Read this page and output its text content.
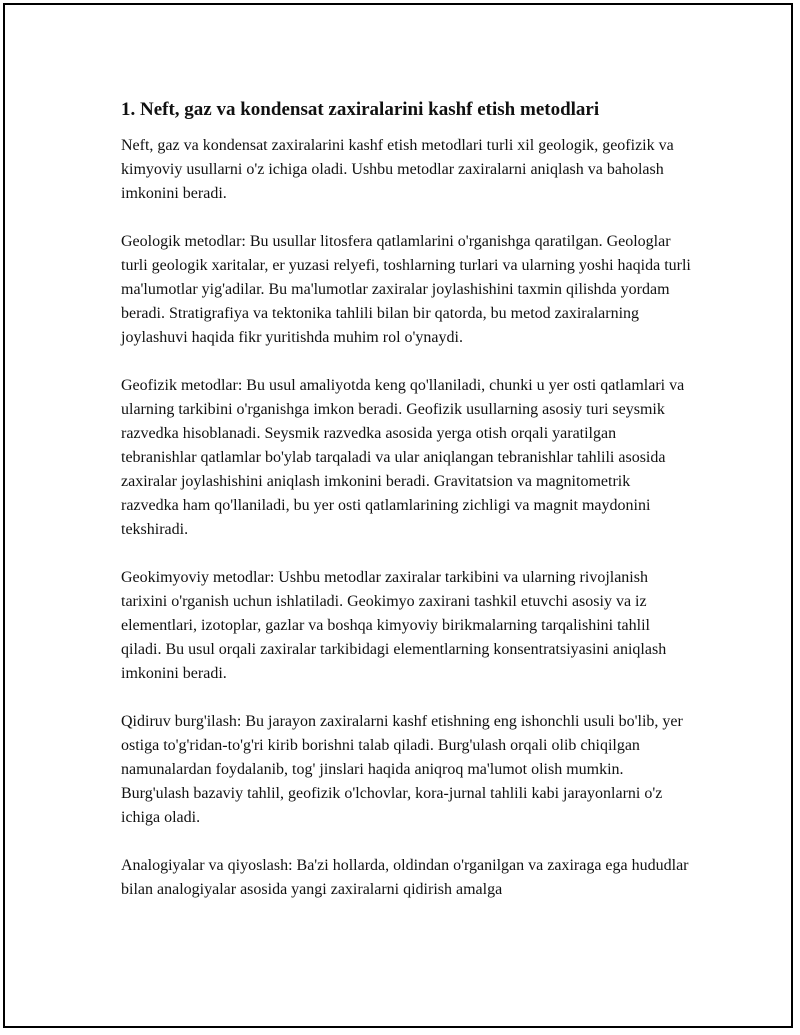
1. Neft, gaz va kondensat zaxiralarini kashf etish metodlari

Neft, gaz va kondensat zaxiralarini kashf etish metodlari turli xil geologik, geofizik va kimyoviy usullarni o'z ichiga oladi. Ushbu metodlar zaxiralarni aniqlash va baholash imkonini beradi.

Geologik metodlar: Bu usullar litosfera qatlamlarini o'rganishga qaratilgan. Geologlar turli geologik xaritalar, er yuzasi relyefi, toshlarning turlari va ularning yoshi haqida turli ma'lumotlar yig'adilar. Bu ma'lumotlar zaxiralar joylashishini taxmin qilishda yordam beradi. Stratigrafiya va tektonika tahlili bilan bir qatorda, bu metod zaxiralarning joylashuvi haqida fikr yuritishda muhim rol o'ynaydi.

Geofizik metodlar: Bu usul amaliyotda keng qo'llaniladi, chunki u yer osti qatlamlari va ularning tarkibini o'rganishga imkon beradi. Geofizik usullarning asosiy turi seysmik razvedka hisoblanadi. Seysmik razvedka asosida yerga otish orqali yaratilgan tebranishlar qatlamlar bo'ylab tarqaladi va ular aniqlangan tebranishlar tahlili asosida zaxiralar joylashishini aniqlash imkonini beradi. Gravitatsion va magnitometrik razvedka ham qo'llaniladi, bu yer osti qatlamlarining zichligi va magnit maydonini tekshiradi.

Geokimyoviy metodlar: Ushbu metodlar zaxiralar tarkibini va ularning rivojlanish tarixini o'rganish uchun ishlatiladi. Geokimyo zaxirani tashkil etuvchi asosiy va iz elementlari, izotoplar, gazlar va boshqa kimyoviy birikmalarning tarqalishini tahlil qiladi. Bu usul orqali zaxiralar tarkibidagi elementlarning konsentratsiyasini aniqlash imkonini beradi.

Qidiruv burg'ilash: Bu jarayon zaxiralarni kashf etishning eng ishonchli usuli bo'lib, yer ostiga to'g'ridan-to'g'ri kirib borishni talab qiladi. Burg'ulash orqali olib chiqilgan namunalardan foydalanib, tog' jinslari haqida aniqroq ma'lumot olish mumkin. Burg'ulash bazaviy tahlil, geofizik o'lchovlar, kora-jurnal tahlili kabi jarayonlarni o'z ichiga oladi.

Analogiyalar va qiyoslash: Ba'zi hollarda, oldindan o'rganilgan va zaxiraga ega hududlar bilan analogiyalar asosida yangi zaxiralarni qidirish amalga
